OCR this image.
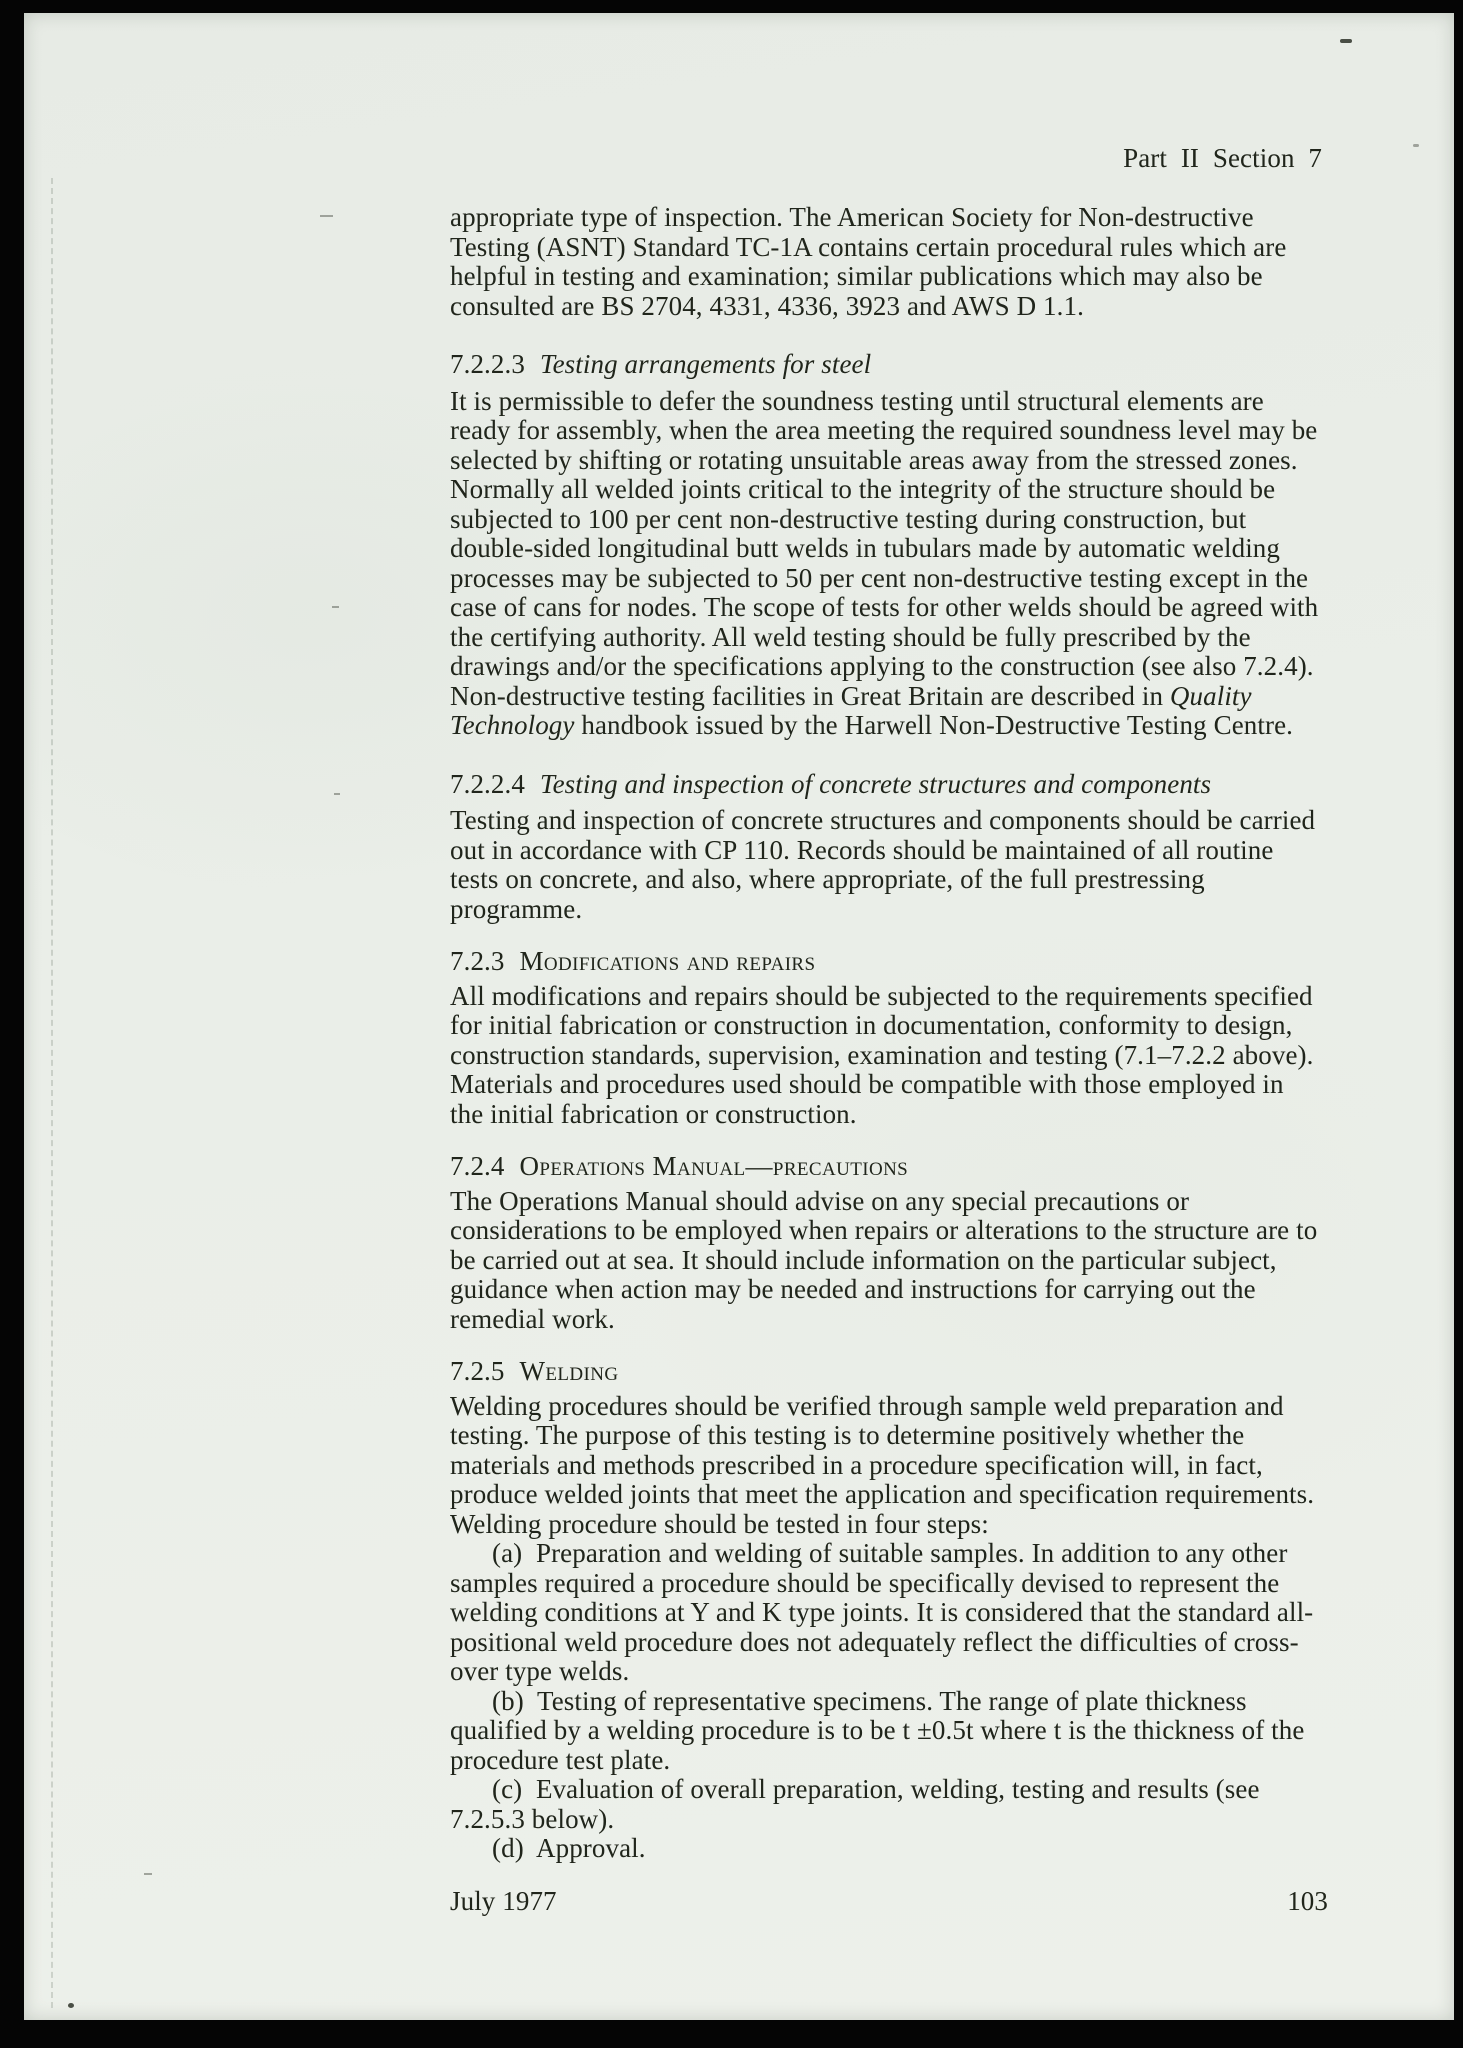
Part II Section 7

appropriate type of inspection. The American Society for Non-destructive Testing (ASNT) Standard TC-1A contains certain procedural rules which are helpful in testing and examination; similar publications which may also be consulted are BS 2704, 4331, 4336, 3923 and AWS D 1.1.

7.2.2.3 Testing arrangements for steel

It is permissible to defer the soundness testing until structural elements are ready for assembly, when the area meeting the required soundness level may be selected by shifting or rotating unsuitable areas away from the stressed zones. Normally all welded joints critical to the integrity of the structure should be subjected to 100 per cent non-destructive testing during construction, but double-sided longitudinal butt welds in tubulars made by automatic welding processes may be subjected to 50 per cent non-destructive testing except in the case of cans for nodes. The scope of tests for other welds should be agreed with the certifying authority. All weld testing should be fully prescribed by the drawings and/or the specifications applying to the construction (see also 7.2.4). Non-destructive testing facilities in Great Britain are described in Quality Technology handbook issued by the Harwell Non-Destructive Testing Centre.

7.2.2.4 Testing and inspection of concrete structures and components

Testing and inspection of concrete structures and components should be carried out in accordance with CP 110. Records should be maintained of all routine tests on concrete, and also, where appropriate, of the full prestressing programme.

7.2.3 Modifications and repairs

All modifications and repairs should be subjected to the requirements specified for initial fabrication or construction in documentation, conformity to design, construction standards, supervision, examination and testing (7.1–7.2.2 above). Materials and procedures used should be compatible with those employed in the initial fabrication or construction.

7.2.4 Operations Manual—precautions

The Operations Manual should advise on any special precautions or considerations to be employed when repairs or alterations to the structure are to be carried out at sea. It should include information on the particular subject, guidance when action may be needed and instructions for carrying out the remedial work.

7.2.5 Welding

Welding procedures should be verified through sample weld preparation and testing. The purpose of this testing is to determine positively whether the materials and methods prescribed in a procedure specification will, in fact, produce welded joints that meet the application and specification requirements. Welding procedure should be tested in four steps:

(a)  Preparation and welding of suitable samples. In addition to any other samples required a procedure should be specifically devised to represent the welding conditions at Y and K type joints. It is considered that the standard all-positional weld procedure does not adequately reflect the difficulties of cross-over type welds.

(b)  Testing of representative specimens. The range of plate thickness qualified by a welding procedure is to be t ±0.5t where t is the thickness of the procedure test plate.

(c)  Evaluation of overall preparation, welding, testing and results (see 7.2.5.3 below).

(d)  Approval.

July 1977	103
